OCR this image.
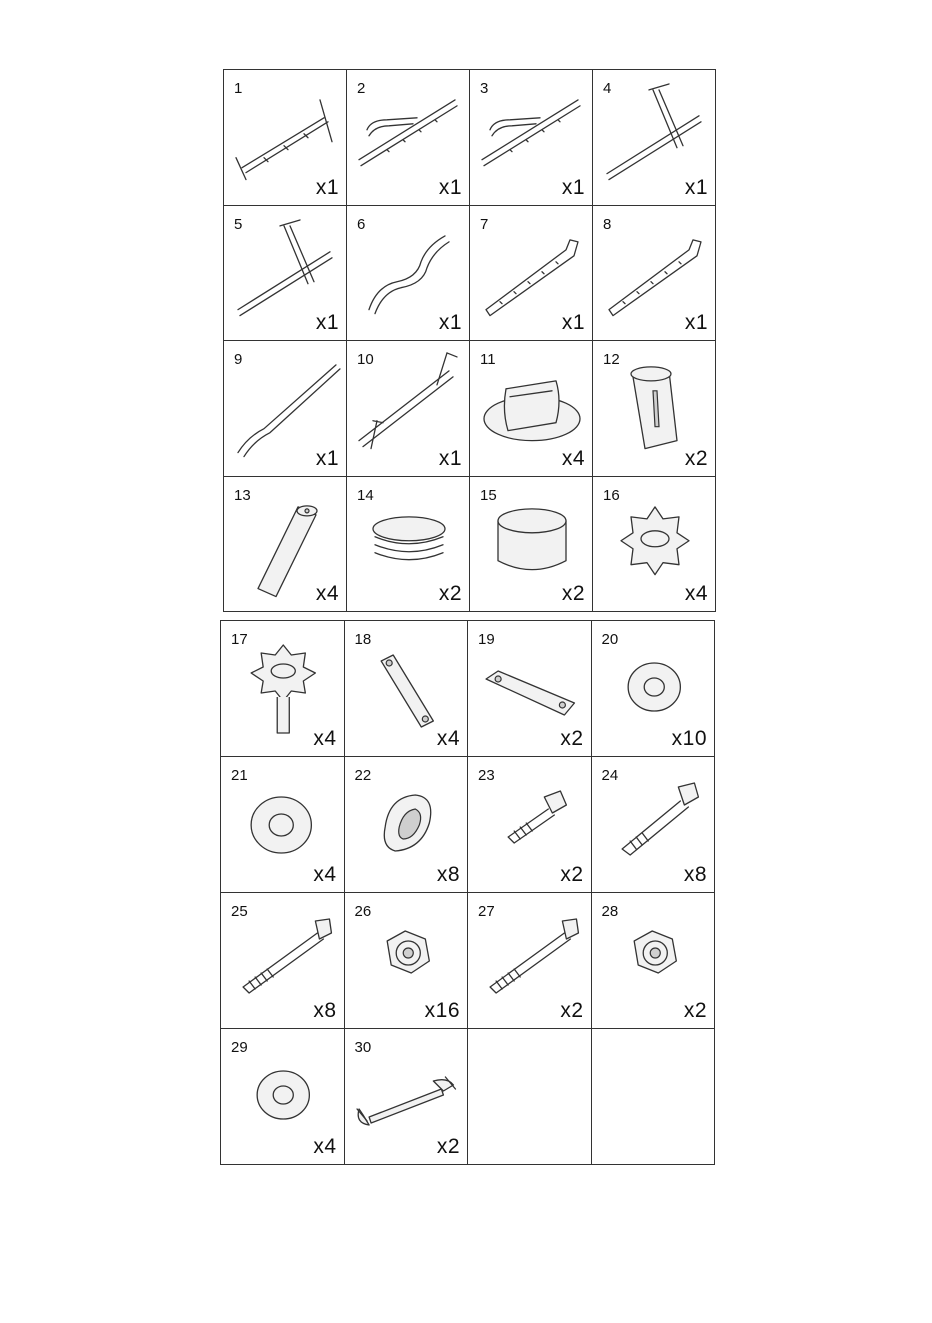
1
x1
2
x1
3
x1
4
x1
5
x1
6
x1
7
x1
8
x1
9
x1
10
x1
11
x4
12
x2
13
x4
14
x2
15
x2
16
x4
17
x4
18
x4
19
x2
20
x10
21
x4
22
x8
23
x2
24
x8
25
x8
26
x16
27
x2
28
x2
29
x4
30
x2
